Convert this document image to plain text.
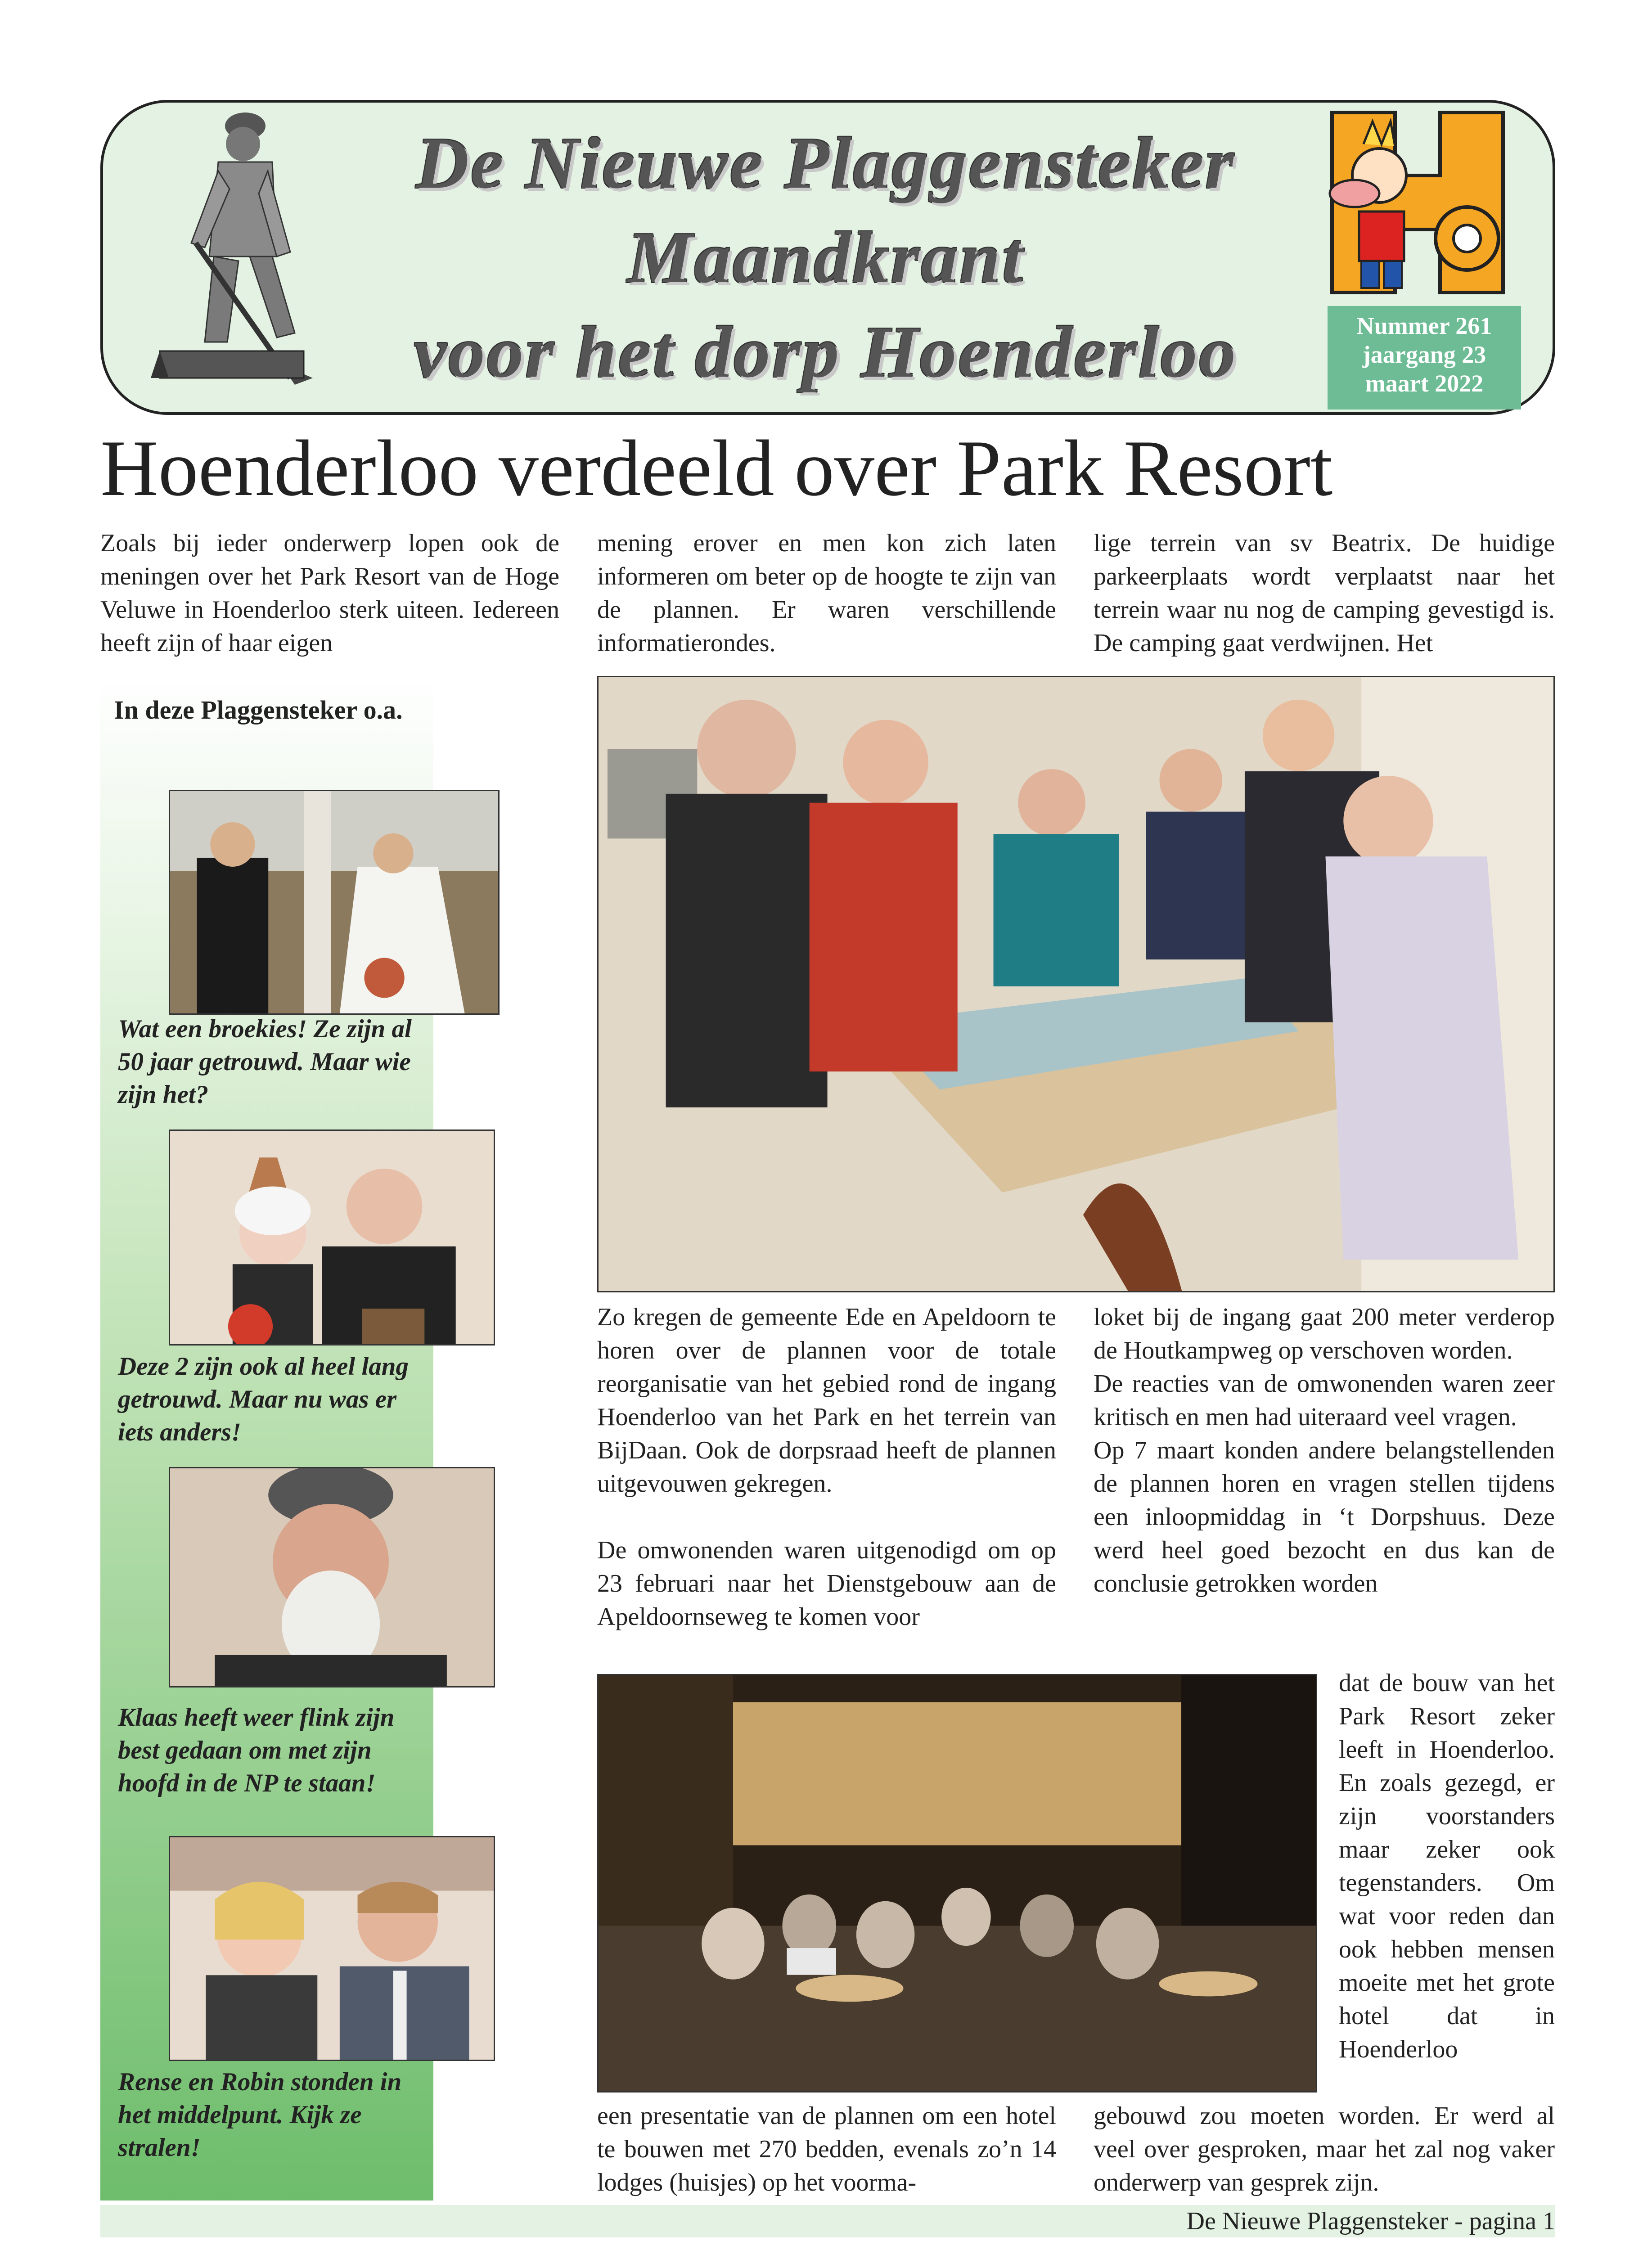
De Nieuwe Plaggensteker
Maandkrant
voor het dorp Hoenderloo	Nummer 261
jaargang 23
maart 2022
Hoenderloo verdeeld over Park Resort

Zoals bij ieder onderwerp lopen ook de meningen over het Park Resort van de Hoge Veluwe in Hoenderloo sterk uiteen. Iedereen heeft zijn of haar eigen

mening erover en men kon zich laten informeren om beter op de hoogte te zijn van de plannen. Er waren verschillende informatierondes.

lige terrein van sv Beatrix. De huidige parkeerplaats wordt verplaatst naar het terrein waar nu nog de camping gevestigd is. De camping gaat verdwijnen. Het

In deze Plaggensteker o.a.
Wat een broekies! Ze zijn al 50 jaar getrouwd. Maar wie zijn het?
Deze 2 zijn ook al heel lang getrouwd. Maar nu was er iets anders!
Klaas heeft weer flink zijn best gedaan om met zijn hoofd in de NP te staan!
Rense en Robin stonden in het middelpunt. Kijk ze stralen!

Zo kregen de gemeente Ede en Apeldoorn te horen over de plannen voor de totale reorganisatie van het gebied rond de ingang Hoenderloo van het Park en het terrein van BijDaan. Ook de dorpsraad heeft de plannen uitgevouwen gekregen.

De omwonenden waren uitgenodigd om op 23 februari naar het Dienstgebouw aan de Apeldoornseweg te komen voor

loket bij de ingang gaat 200 meter verderop de Houtkampweg op verschoven worden.

De reacties van de omwonenden waren zeer kritisch en men had uiteraard veel vragen.

Op 7 maart konden andere belangstellenden de plannen horen en vragen stellen tijdens een inloopmiddag in ‘t Dorpshuus. Deze werd heel goed bezocht en dus kan de conclusie getrokken worden

dat de bouw van het Park Resort zeker leeft in Hoenderloo. En zoals gezegd, er zijn voorstanders maar zeker ook tegenstanders. Om wat voor reden dan ook hebben mensen moeite met het grote hotel dat in Hoenderloo

een presentatie van de plannen om een hotel te bouwen met 270 bedden, evenals zo’n 14 lodges (huisjes) op het voorma-

gebouwd zou moeten worden. Er werd al veel over gesproken, maar het zal nog vaker onderwerp van gesprek zijn.

De Nieuwe Plaggensteker - pagina 1
